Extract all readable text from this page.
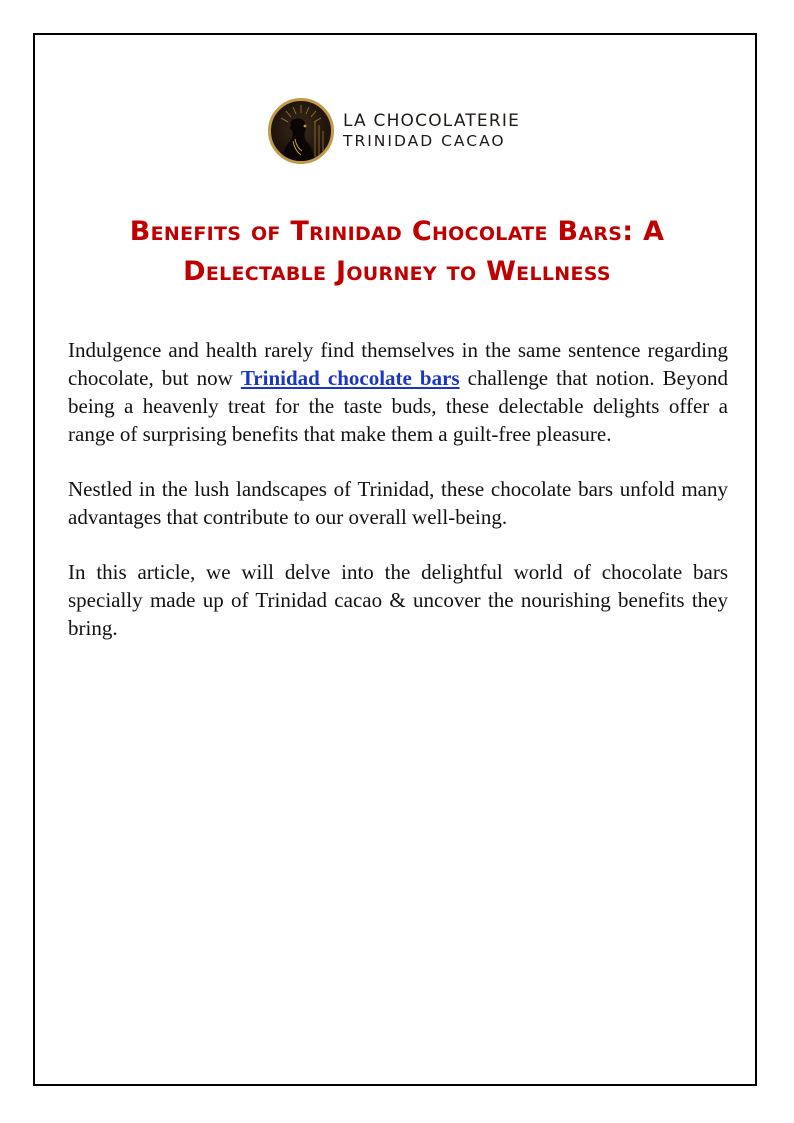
LA CHOCOLATERIE
TRINIDAD CACAO
Benefits of Trinidad Chocolate Bars: A
Delectable Journey to Wellness

Indulgence and health rarely find themselves in the same sentence regarding chocolate, but now Trinidad chocolate bars challenge that notion. Beyond being a heavenly treat for the taste buds, these delectable delights offer a range of surprising benefits that make them a guilt-free pleasure.

Nestled in the lush landscapes of Trinidad, these chocolate bars unfold many advantages that contribute to our overall well-being.

In this article, we will delve into the delightful world of chocolate bars specially made up of Trinidad cacao & uncover the nourishing benefits they bring.
